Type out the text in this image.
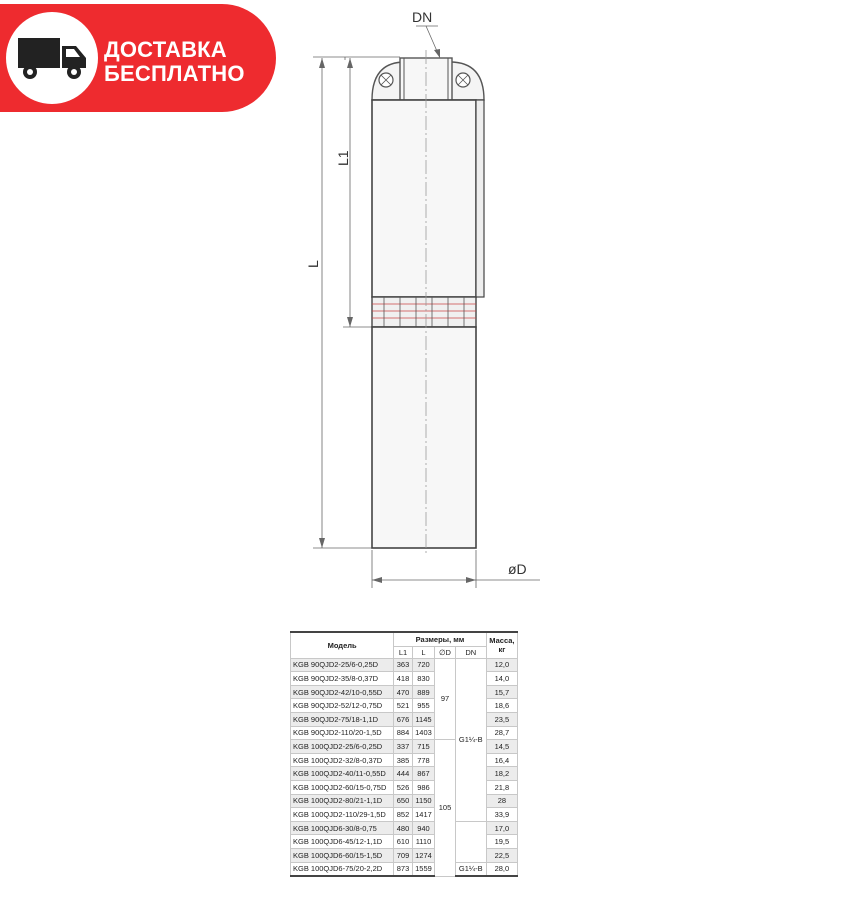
ДОСТАВКА
БЕСПЛАТНО
DN
L
L1
øD
Модель	Размеры, мм				Масса, кг
	L1	L	∅D	DN	
KGB 90QJD2-25/6-0,25D	363	720	97	G1¼-B	12,0
KGB 90QJD2-35/8-0,37D	418	830			14,0
KGB 90QJD2-42/10-0,55D	470	889			15,7
KGB 90QJD2-52/12-0,75D	521	955			18,6
KGB 90QJD2-75/18-1,1D	676	1145			23,5
KGB 90QJD2-110/20-1,5D	884	1403			28,7
KGB 100QJD2-25/6-0,25D	337	715	105		14,5
KGB 100QJD2-32/8-0,37D	385	778			16,4
KGB 100QJD2-40/11-0,55D	444	867			18,2
KGB 100QJD2-60/15-0,75D	526	986			21,8
KGB 100QJD2-80/21-1,1D	650	1150			28
KGB 100QJD2-110/29-1,5D	852	1417			33,9
KGB 100QJD6-30/8-0,75	480	940			17,0
KGB 100QJD6-45/12-1,1D	610	1110			19,5
KGB 100QJD6-60/15-1,5D	709	1274			22,5
KGB 100QJD6-75/20-2,2D	873	1559		G1¼-B	28,0
